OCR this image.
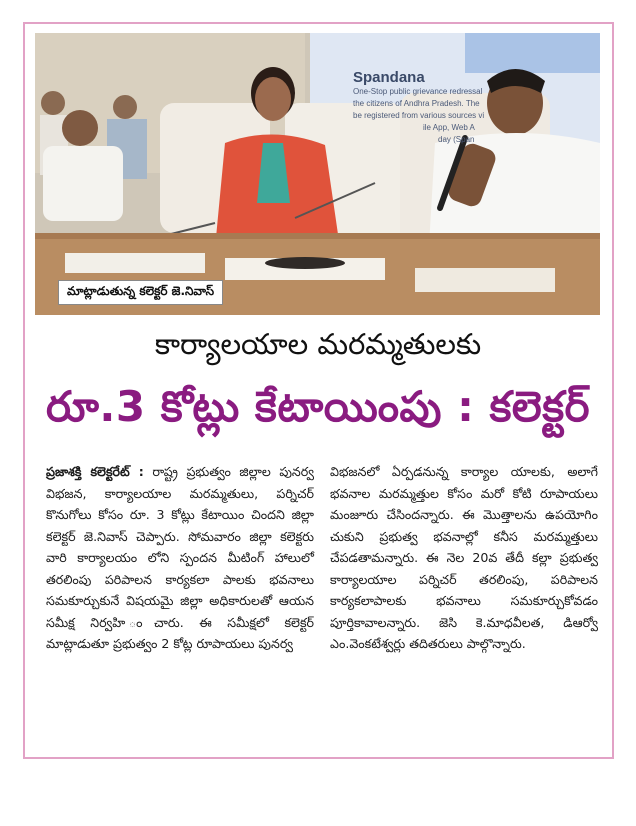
Spandana
One-Stop public grievance redressal
the citizens of Andhra Pradesh. The
be registered from various sources vi
ile App, Web A
day (Span
మాట్లాడుతున్న కలెక్టర్ జె.నివాస్
కార్యాలయాల మరమ్మతులకు
రూ.3 కోట్లు కేటాయింపు : కలెక్టర్
ప్రజాశక్తి కలెక్టరేట్ : రాష్ట్ర ప్రభుత్వం జిల్లాల పునర్వ విభజన, కార్యాలయాల మరమ్మతులు, పర్నిచర్ కొనుగోలు కోసం రూ. 3 కోట్లు కేటాయిం చిందని జిల్లా కలెక్టర్ జె.నివాస్ చెప్పారు. సోమవారం జిల్లా కలెక్టరు వారి కార్యాలయం లోని స్పందన మీటింగ్ హాలులో తరలింపు పరిపాలన కార్యకలా పాలకు భవనాలు సమకూర్చుకునే విషయమై జిల్లా అధికారులతో ఆయన సమీక్ష నిర్వహి ంచారు. ఈ సమీక్షలో కలెక్టర్ మాట్లాడుతూ ప్రభుత్వం 2 కోట్ల రూపాయలు పునర్వ
విభజనలో ఏర్పడనున్న కార్యాల యాలకు, అలాగే భవనాల మరమ్మత్తుల కోసం మరో కోటి రూపాయలు మంజూరు చేసిందన్నారు. ఈ మొత్తాలను ఉపయోగిం చుకుని ప్రభుత్వ భవనాల్లో కనీస మరమ్మత్తులు చేపడతామన్నారు. ఈ నెల 20వ తేదీ కల్లా ప్రభుత్వ కార్యాలయాల పర్నిచర్ తరలింపు, పరిపాలన కార్యకలాపాలకు భవనాలు సమకూర్చుకోవడం పూర్తికావాలన్నారు. జెసి కె.మాధవీలత, డిఆర్వో ఎం.వెంకటేశ్వర్లు తదితరులు పాల్గొన్నారు.
